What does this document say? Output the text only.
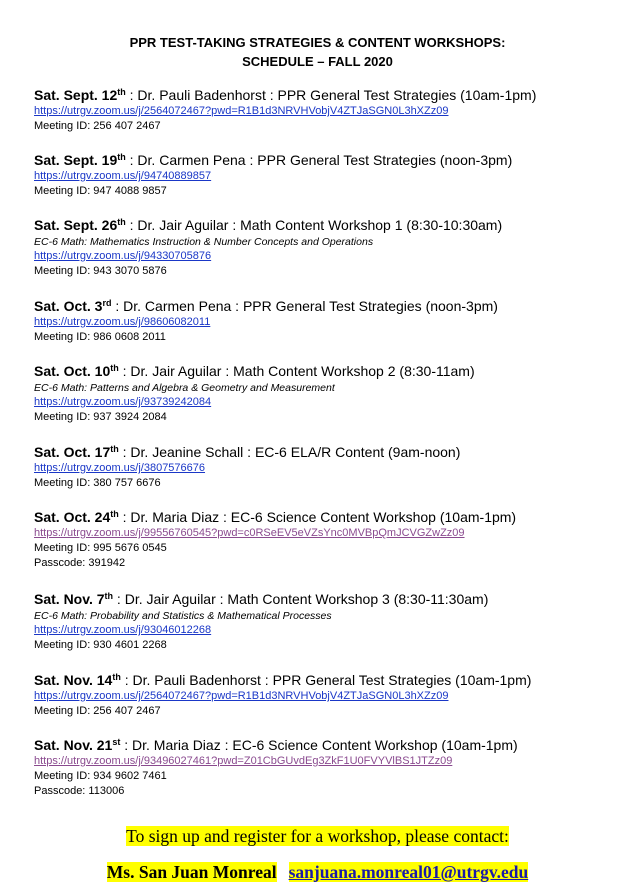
PPR TEST-TAKING STRATEGIES & CONTENT WORKSHOPS:
SCHEDULE – FALL 2020
Sat. Sept. 12th : Dr. Pauli Badenhorst : PPR General Test Strategies (10am-1pm)
https://utrgv.zoom.us/j/2564072467?pwd=R1B1d3NRVHVobjV4ZTJaSGN0L3hXZz09
Meeting ID: 256 407 2467
Sat. Sept. 19th : Dr. Carmen Pena : PPR General Test Strategies (noon-3pm)
https://utrgv.zoom.us/j/94740889857
Meeting ID: 947 4088 9857
Sat. Sept. 26th : Dr. Jair Aguilar : Math Content Workshop 1 (8:30-10:30am)
EC-6 Math: Mathematics Instruction & Number Concepts and Operations
https://utrgv.zoom.us/j/94330705876
Meeting ID: 943 3070 5876
Sat. Oct. 3rd : Dr. Carmen Pena : PPR General Test Strategies (noon-3pm)
https://utrgv.zoom.us/j/98606082011
Meeting ID: 986 0608 2011
Sat. Oct. 10th : Dr. Jair Aguilar : Math Content Workshop 2 (8:30-11am)
EC-6 Math: Patterns and Algebra & Geometry and Measurement
https://utrgv.zoom.us/j/93739242084
Meeting ID: 937 3924 2084
Sat. Oct. 17th : Dr. Jeanine Schall : EC-6 ELA/R Content (9am-noon)
https://utrgv.zoom.us/j/3807576676
Meeting ID: 380 757 6676
Sat. Oct. 24th : Dr. Maria Diaz : EC-6 Science Content Workshop (10am-1pm)
https://utrgv.zoom.us/j/99556760545?pwd=c0RSeEV5eVZsYnc0MVBpQmJCVGZwZz09
Meeting ID: 995 5676 0545
Passcode: 391942
Sat. Nov. 7th : Dr. Jair Aguilar : Math Content Workshop 3 (8:30-11:30am)
EC-6 Math: Probability and Statistics & Mathematical Processes
https://utrgv.zoom.us/j/93046012268
Meeting ID: 930 4601 2268
Sat. Nov. 14th : Dr. Pauli Badenhorst : PPR General Test Strategies (10am-1pm)
https://utrgv.zoom.us/j/2564072467?pwd=R1B1d3NRVHVobjV4ZTJaSGN0L3hXZz09
Meeting ID: 256 407 2467
Sat. Nov. 21st : Dr. Maria Diaz : EC-6 Science Content Workshop (10am-1pm)
https://utrgv.zoom.us/j/93496027461?pwd=Z01CbGUvdEg3ZkF1U0FVYVlBS1JTZz09
Meeting ID: 934 9602 7461
Passcode: 113006
To sign up and register for a workshop, please contact:
Ms. San Juan Monreal sanjuana.monreal01@utrgv.edu
